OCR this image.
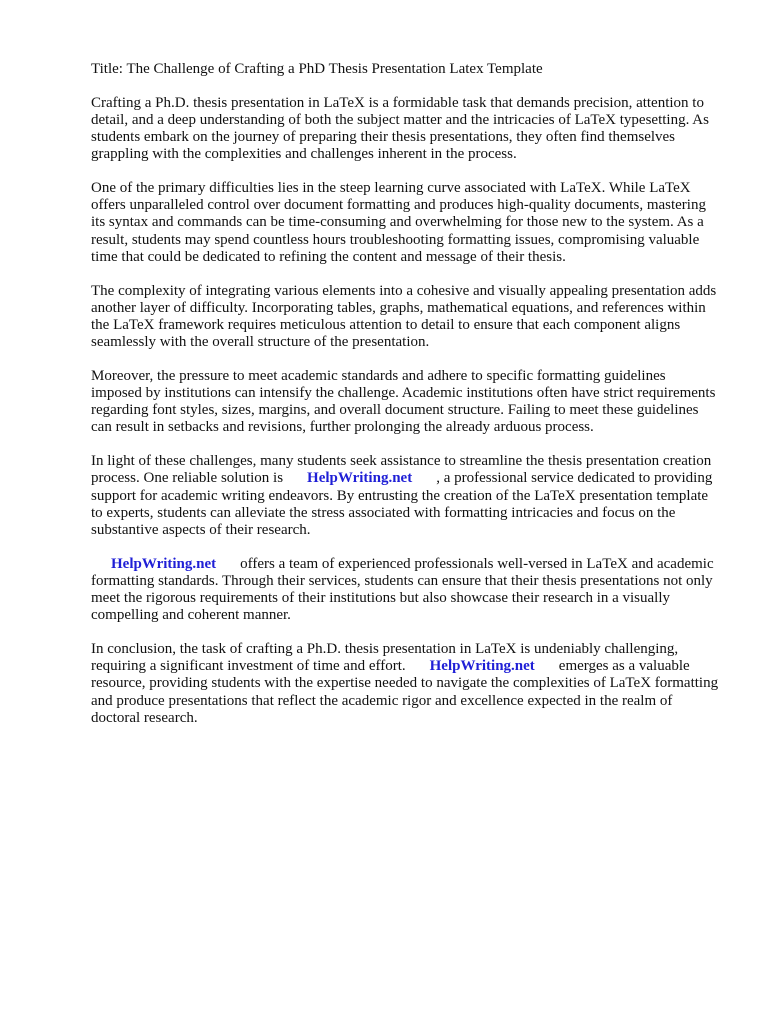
Title: The Challenge of Crafting a PhD Thesis Presentation Latex Template

Crafting a Ph.D. thesis presentation in LaTeX is a formidable task that demands precision, attention to detail, and a deep understanding of both the subject matter and the intricacies of LaTeX typesetting. As students embark on the journey of preparing their thesis presentations, they often find themselves grappling with the complexities and challenges inherent in the process.

One of the primary difficulties lies in the steep learning curve associated with LaTeX. While LaTeX offers unparalleled control over document formatting and produces high-quality documents, mastering its syntax and commands can be time-consuming and overwhelming for those new to the system. As a result, students may spend countless hours troubleshooting formatting issues, compromising valuable time that could be dedicated to refining the content and message of their thesis.

The complexity of integrating various elements into a cohesive and visually appealing presentation adds another layer of difficulty. Incorporating tables, graphs, mathematical equations, and references within the LaTeX framework requires meticulous attention to detail to ensure that each component aligns seamlessly with the overall structure of the presentation.

Moreover, the pressure to meet academic standards and adhere to specific formatting guidelines imposed by institutions can intensify the challenge. Academic institutions often have strict requirements regarding font styles, sizes, margins, and overall document structure. Failing to meet these guidelines can result in setbacks and revisions, further prolonging the already arduous process.

In light of these challenges, many students seek assistance to streamline the thesis presentation creation process. One reliable solution is HelpWriting.net , a professional service dedicated to providing support for academic writing endeavors. By entrusting the creation of the LaTeX presentation template to experts, students can alleviate the stress associated with formatting intricacies and focus on the substantive aspects of their research.

HelpWriting.net offers a team of experienced professionals well-versed in LaTeX and academic formatting standards. Through their services, students can ensure that their thesis presentations not only meet the rigorous requirements of their institutions but also showcase their research in a visually compelling and coherent manner.

In conclusion, the task of crafting a Ph.D. thesis presentation in LaTeX is undeniably challenging, requiring a significant investment of time and effort. HelpWriting.net emerges as a valuable resource, providing students with the expertise needed to navigate the complexities of LaTeX formatting and produce presentations that reflect the academic rigor and excellence expected in the realm of doctoral research.
